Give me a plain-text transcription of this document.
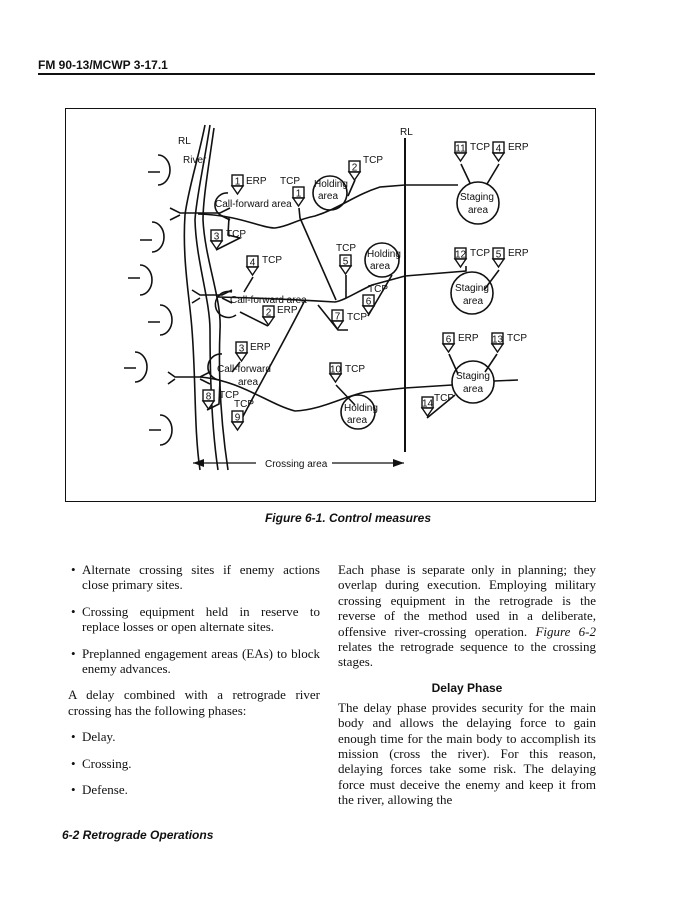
FM 90-13/MCWP 3-17.1
RL
River
RL
Crossing area
Call-forward area
Call-forward area
Call-forward
area
Holding
area
Holding
area
Holding
area
Staging
area
Staging
area
Staging
area
1 ERP
1
TCP
2
TCP
3 TCP
4 TCP	5
TCP
2 ERP
6
TCP
7 TCP
3 ERP
8 TCP
9
TCP
10 TCP
11 TCP 4 ERP
12 TCP 5 ERP
6 ERP 13 TCP
14 TCP
Figure 6-1. Control measures
• Alternate crossing sites if enemy actions close primary sites.
• Crossing equipment held in reserve to replace losses or open alternate sites.
• Preplanned engagement areas (EAs) to block enemy advances.

A delay combined with a retrograde river crossing has the following phases:

• Delay.
• Crossing.
• Defense.

Each phase is separate only in planning; they overlap during execution. Employing military crossing equipment in the retrograde is the reverse of the method used in a deliberate, offensive river-crossing operation. Figure 6-2 relates the retrograde sequence to the crossing stages.

Delay Phase

The delay phase provides security for the main body and allows the delaying force to gain enough time for the main body to accomplish its mission (cross the river). For this reason, delaying forces take some risk. The delaying force must deceive the enemy and keep it from the river, allowing the

6-2 Retrograde Operations
